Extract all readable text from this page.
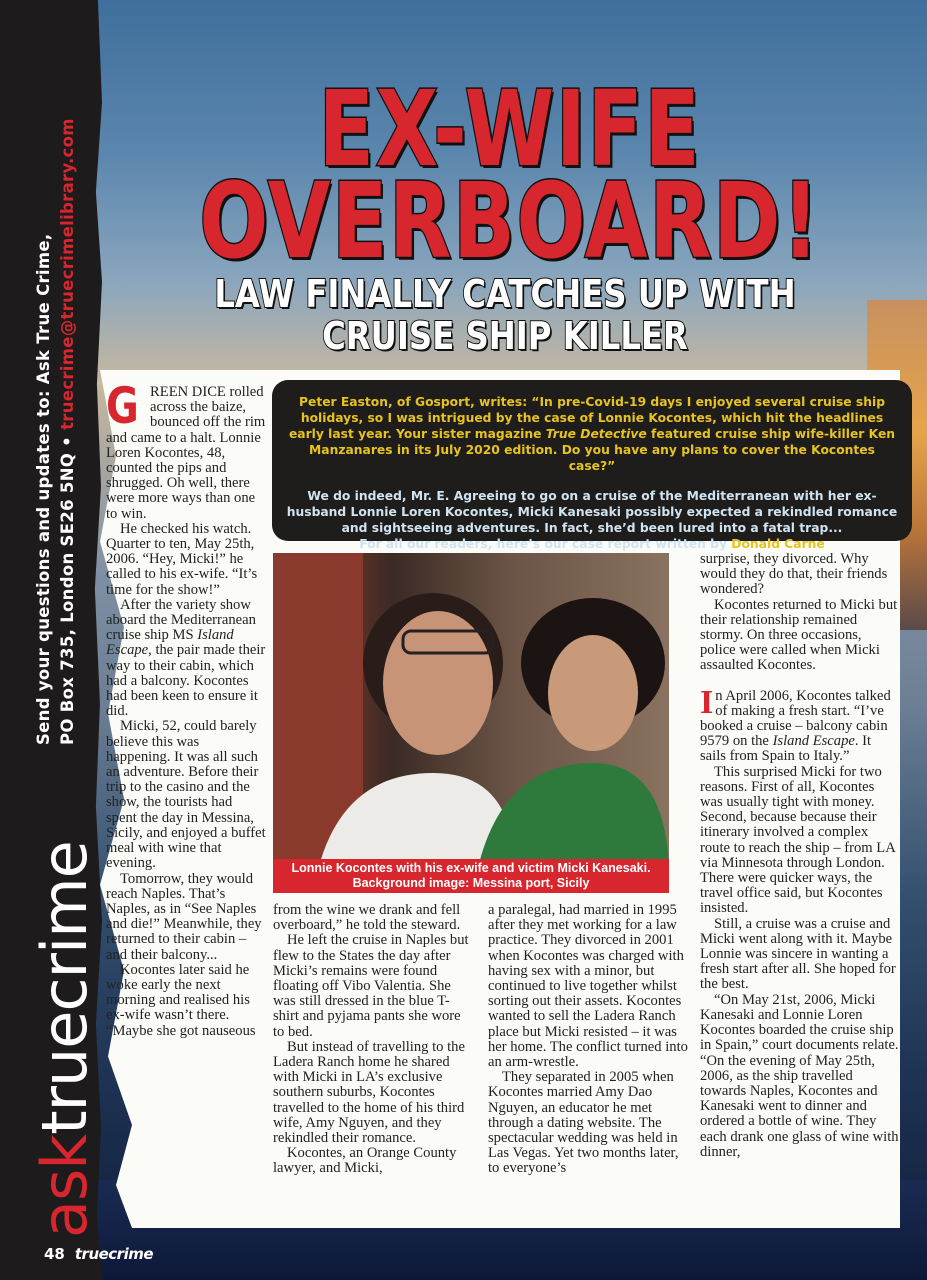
Send your questions and updates to: Ask True Crime, PO Box 735, London SE26 5NQ • truecrime@truecrimelibrary.com
asktruecrime
EX-WIFE
OVERBOARD!
LAW FINALLY CATCHES UP WITH
CRUISE SHIP KILLER

Peter Easton, of Gosport, writes: “In pre-Covid-19 days I enjoyed several cruise ship holidays, so I was intrigued by the case of Lonnie Kocontes, which hit the headlines early last year. Your sister magazine True Detective featured cruise ship wife-killer Ken Manzanares in its July 2020 edition. Do you have any plans to cover the Kocontes case?”

We do indeed, Mr. E. Agreeing to go on a cruise of the Mediterranean with her ex-husband Lonnie Loren Kocontes, Micki Kanesaki possibly expected a rekindled romance and sightseeing adventures. In fact, she’d been lured into a fatal trap...
For all our readers, here’s our case report written by Donald Carne

Lonnie Kocontes with his ex-wife and victim Micki Kanesaki.
Background image: Messina port, Sicily

GREEN DICE rolled across the baize, bounced off the rim and came to a halt. Lonnie Loren Kocontes, 48, counted the pips and shrugged. Oh well, there were more ways than one to win.

He checked his watch. Quarter to ten, May 25th, 2006. “Hey, Micki!” he called to his ex-wife. “It’s time for the show!”

After the variety show aboard the Mediterranean cruise ship MS Island Escape, the pair made their way to their cabin, which had a balcony. Kocontes had been keen to ensure it did.

Micki, 52, could barely believe this was happening. It was all such an adventure. Before their trip to the casino and the show, the tourists had spent the day in Messina, Sicily, and enjoyed a buffet meal with wine that evening.

Tomorrow, they would reach Naples. That’s Naples, as in “See Naples and die!” Meanwhile, they returned to their cabin – and their balcony...

Kocontes later said he woke early the next morning and realised his ex-wife wasn’t there. “Maybe she got nauseous

from the wine we drank and fell overboard,” he told the steward.

He left the cruise in Naples but flew to the States the day after Micki’s remains were found floating off Vibo Valentia. She was still dressed in the blue T-shirt and pyjama pants she wore to bed.

But instead of travelling to the Ladera Ranch home he shared with Micki in LA’s exclusive southern suburbs, Kocontes travelled to the home of his third wife, Amy Nguyen, and they rekindled their romance.

Kocontes, an Orange County lawyer, and Micki,

a paralegal, had married in 1995 after they met working for a law practice. They divorced in 2001 when Kocontes was charged with having sex with a minor, but continued to live together whilst sorting out their assets. Kocontes wanted to sell the Ladera Ranch place but Micki resisted – it was her home. The conflict turned into an arm-wrestle.

They separated in 2005 when Kocontes married Amy Dao Nguyen, an educator he met through a dating website. The spectacular wedding was held in Las Vegas. Yet two months later, to everyone’s

surprise, they divorced. Why would they do that, their friends wondered?

Kocontes returned to Micki but their relationship remained stormy. On three occasions, police were called when Micki assaulted Kocontes.

In April 2006, Kocontes talked of making a fresh start. “I’ve booked a cruise – balcony cabin 9579 on the Island Escape. It sails from Spain to Italy.”

This surprised Micki for two reasons. First of all, Kocontes was usually tight with money. Second, because because their itinerary involved a complex route to reach the ship – from LA via Minnesota through London. There were quicker ways, the travel office said, but Kocontes insisted.

Still, a cruise was a cruise and Micki went along with it. Maybe Lonnie was sincere in wanting a fresh start after all. She hoped for the best.

“On May 21st, 2006, Micki Kanesaki and Lonnie Loren Kocontes boarded the cruise ship in Spain,” court documents relate. “On the evening of May 25th, 2006, as the ship travelled towards Naples, Kocontes and Kanesaki went to dinner and ordered a bottle of wine. They each drank one glass of wine with dinner,

48 truecrime
